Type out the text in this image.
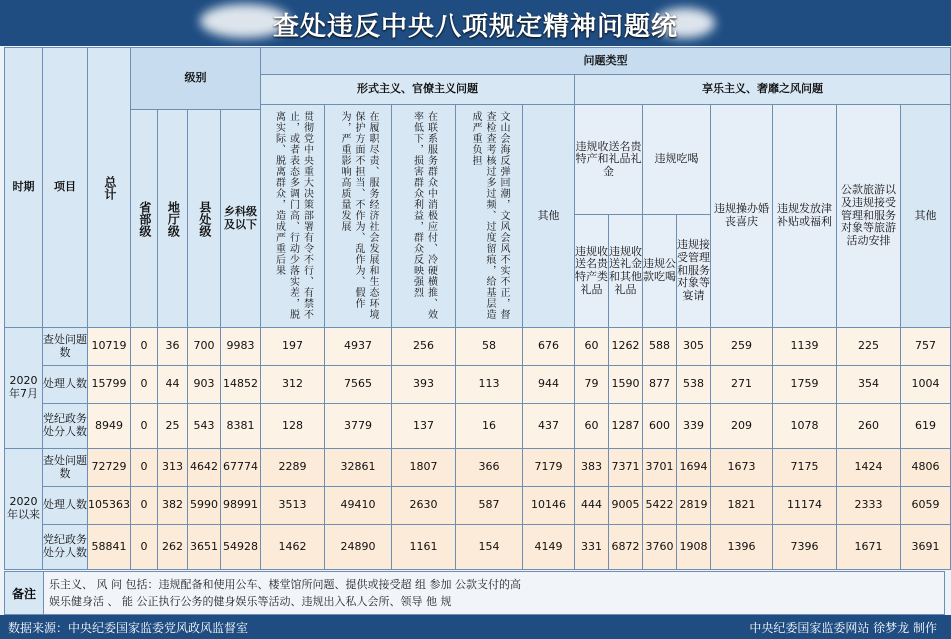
查处违反中央八项规定精神问题统
时期	项目	总计	级别				问题类型												
							形式主义、官僚主义问题					享乐主义、奢靡之风问题							

							贯彻党中央重大决策部署有令不行、有禁不止，或者表态多调门高、行动少落实差，脱离实际、脱离群众，造成严重后果	在履职尽责、服务经济社会发展和生态环境保护方面不担当、不作为、乱作为、假作为，严重影响高质量发展	在联系服务群众中消极应付、冷硬横推、效率低下，损害群众利益，群众反映强烈	文山会海反弹回潮，文风会风不实不正，督查检查考核过多过频、过度留痕，给基层造成严重负担	其他	违规收送名贵特产和礼品礼金		违规吃喝		违规操办婚丧喜庆	违规发放津补贴或福利	公款旅游以及违规接受管理和服务对象等旅游活动安排	其他

			省部级	地厅级	县处级	乡科级及以下													
												违规收送名贵特产类礼品	违规收送礼金和其他礼品	违规公款吃喝	违规接受管理和服务对象等宴请				
2020年7月	查处问题数	10719	0	36	700	9983	197	4937	256	58	676	60	1262	588	305	259	1139	225	757
	处理人数	15799	0	44	903	14852	312	7565	393	113	944	79	1590	877	538	271	1759	354	1004
	党纪政务处分人数	8949	0	25	543	8381	128	3779	137	16	437	60	1287	600	339	209	1078	260	619
2020年以来	查处问题数	72729	0	313	4642	67774	2289	32861	1807	366	7179	383	7371	3701	1694	1673	7175	1424	4806
	处理人数	105363	0	382	5990	98991	3513	49410	2630	587	10146	444	9005	5422	2819	1821	11174	2333	6059
	党纪政务处分人数	58841	0	262	3651	54928	1462	24890	1161	154	4149	331	6872	3760	1908	1396	7396	1671	3691
备注
乐主义、 风 问 包括：违规配备和使用公车、楼堂馆所问题、提供或接受超 组 参加 公款支付的高
娱乐健身活 、 能 公正执行公务的健身娱乐等活动、违规出入私人会所、领导 他 规
数据来源：中央纪委国家监委党风政风监督室	中央纪委国家监委网站 徐梦龙 制作
